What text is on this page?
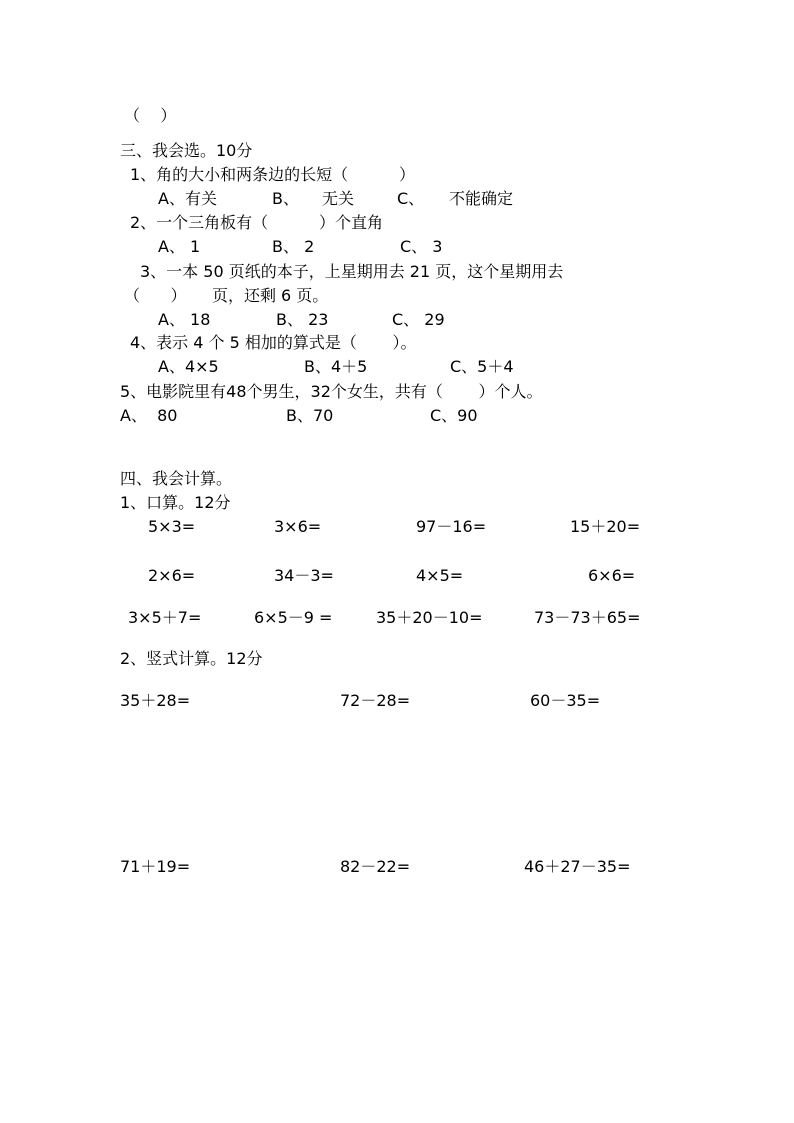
（    ）
三、我会选。10分
1、角的大小和两条边的长短（          ）
A、有关	B、 无关	C、 不能确定
2、一个三角板有（          ）个直角
A、 1	B、 2	C、 3
3、一本 50 页纸的本子，上星期用去 21 页，这个星期用去
（      ）     页，还剩 6 页。
A、 18	B、 23	C、 29
4、表示 4 个 5 相加的算式是（       ）。
A、4×5	B、4＋5	C、5＋4
5、电影院里有48个男生，32个女生，共有（       ）个人。
A、  80	B、70	C、90
四、我会计算。
1、口算。12分
5×3=	3×6=	97－16=	15＋20=
2×6=	34－3=	4×5=	6×6=
3×5＋7=	6×5－9 =	35＋20－10=	73－73＋65=
2、竖式计算。12分
35＋28=	72－28=	60－35=
71＋19=	82－22=	46＋27－35=
